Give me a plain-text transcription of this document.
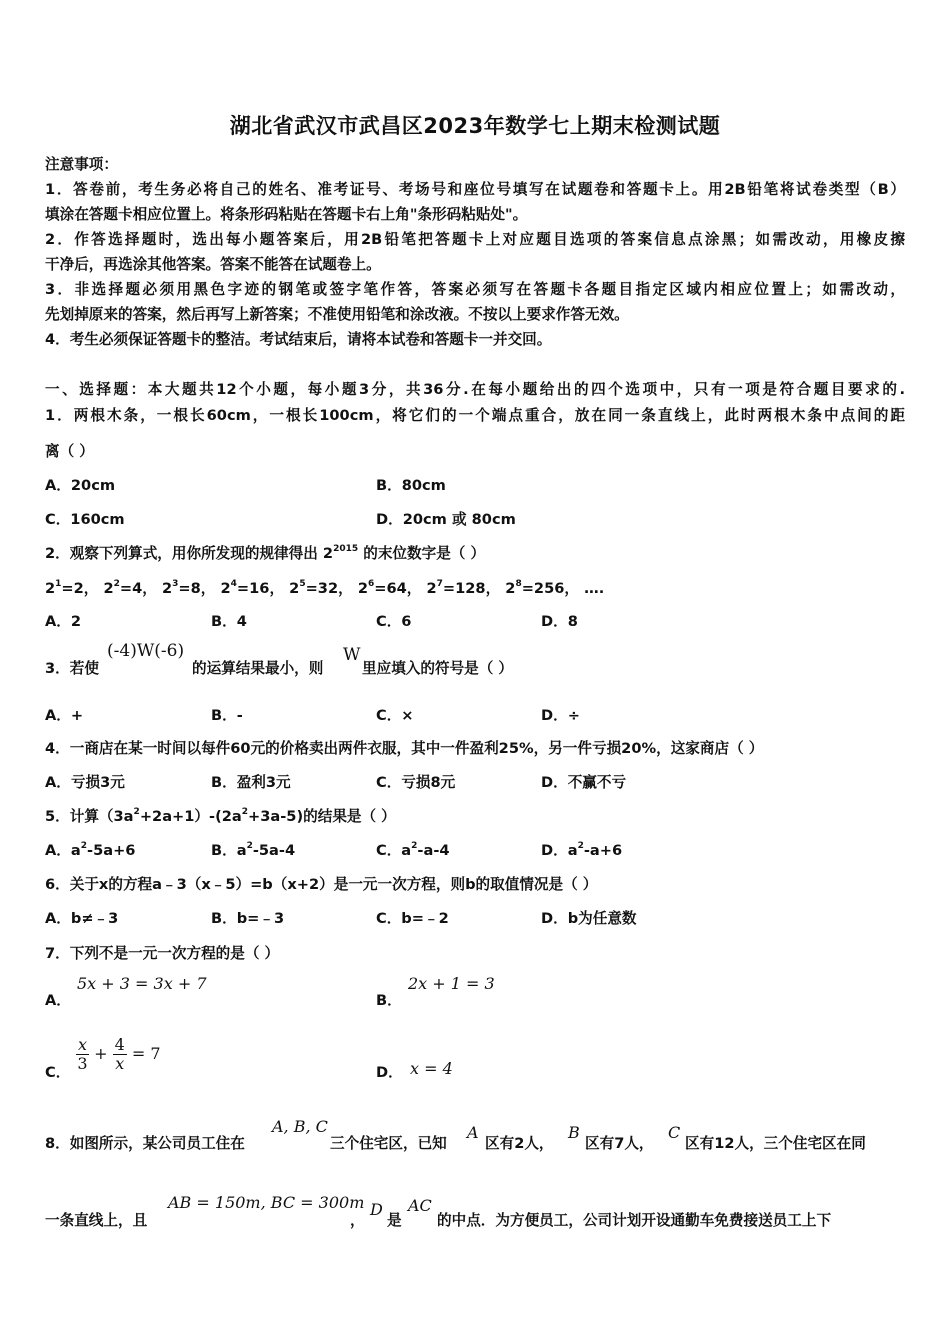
湖北省武汉市武昌区2023年数学七上期末检测试题
注意事项：
1．答卷前，考生务必将自己的姓名、准考证号、考场号和座位号填写在试题卷和答题卡上。用2B铅笔将试卷类型（B）
填涂在答题卡相应位置上。将条形码粘贴在答题卡右上角"条形码粘贴处"。
2．作答选择题时，选出每小题答案后，用2B铅笔把答题卡上对应题目选项的答案信息点涂黑；如需改动，用橡皮擦
干净后，再选涂其他答案。答案不能答在试题卷上。
3．非选择题必须用黑色字迹的钢笔或签字笔作答，答案必须写在答题卡各题目指定区域内相应位置上；如需改动，
先划掉原来的答案，然后再写上新答案；不准使用铅笔和涂改液。不按以上要求作答无效。
4．考生必须保证答题卡的整洁。考试结束后，请将本试卷和答题卡一并交回。
一、选择题：本大题共12个小题，每小题3分，共36分.在每小题给出的四个选项中，只有一项是符合题目要求的.
1．两根木条，一根长60cm，一根长100cm，将它们的一个端点重合，放在同一条直线上，此时两根木条中点间的距
离（ ）
A．20cm	B．80cm
C．160cm	D．20cm 或 80cm
2．观察下列算式，用你所发现的规律得出 $2^{2015}$ 的末位数字是（ ）
$2^1=2$， $2^2=4$， $2^3=8$， $2^4=16$， $2^5=32$， $2^6=64$， $2^7=128$， $2^8=256$， ….
A．2	B．4	C．6	D．8
3．若使
(-4)W(-6)
的运算结果最小，则
W
里应填入的符号是（ ）
A．+	B．-	C．×	D．÷
4．一商店在某一时间以每件60元的价格卖出两件衣服，其中一件盈利25%，另一件亏损20%，这家商店（ ）
A．亏损3元	B．盈利3元	C．亏损8元	D．不赢不亏
5．计算$(3a^2+2a+1)-(2a^2+3a-5)$的结果是（ ）
A．$a^2-5a+6$	B．$a^2-5a-4$	C．$a^2-a-4$	D．$a^2-a+6$
6．关于x的方程a﹣3（x﹣5）=b（x+2）是一元一次方程，则b的取值情况是（ ）
A．b≠﹣3	B．b=﹣3	C．b=﹣2	D．b为任意数
7．下列不是一元一次方程的是（ ）
A．
5x + 3 = 3x + 7
B．
2x + 1 = 3
C． $\frac{x}{3} + \frac{4}{x} = 7$
D． x = 4
8．如图所示，某公司员工住在
A, B, C
三个住宅区，已知
A
区有2人，
B
区有7人，
C
区有12人，三个住宅区在同
一条直线上，且
AB = 150m, BC = 300m
，
D
是
AC
的中点．为方便员工，公司计划开设通勤车免费接送员工上下
